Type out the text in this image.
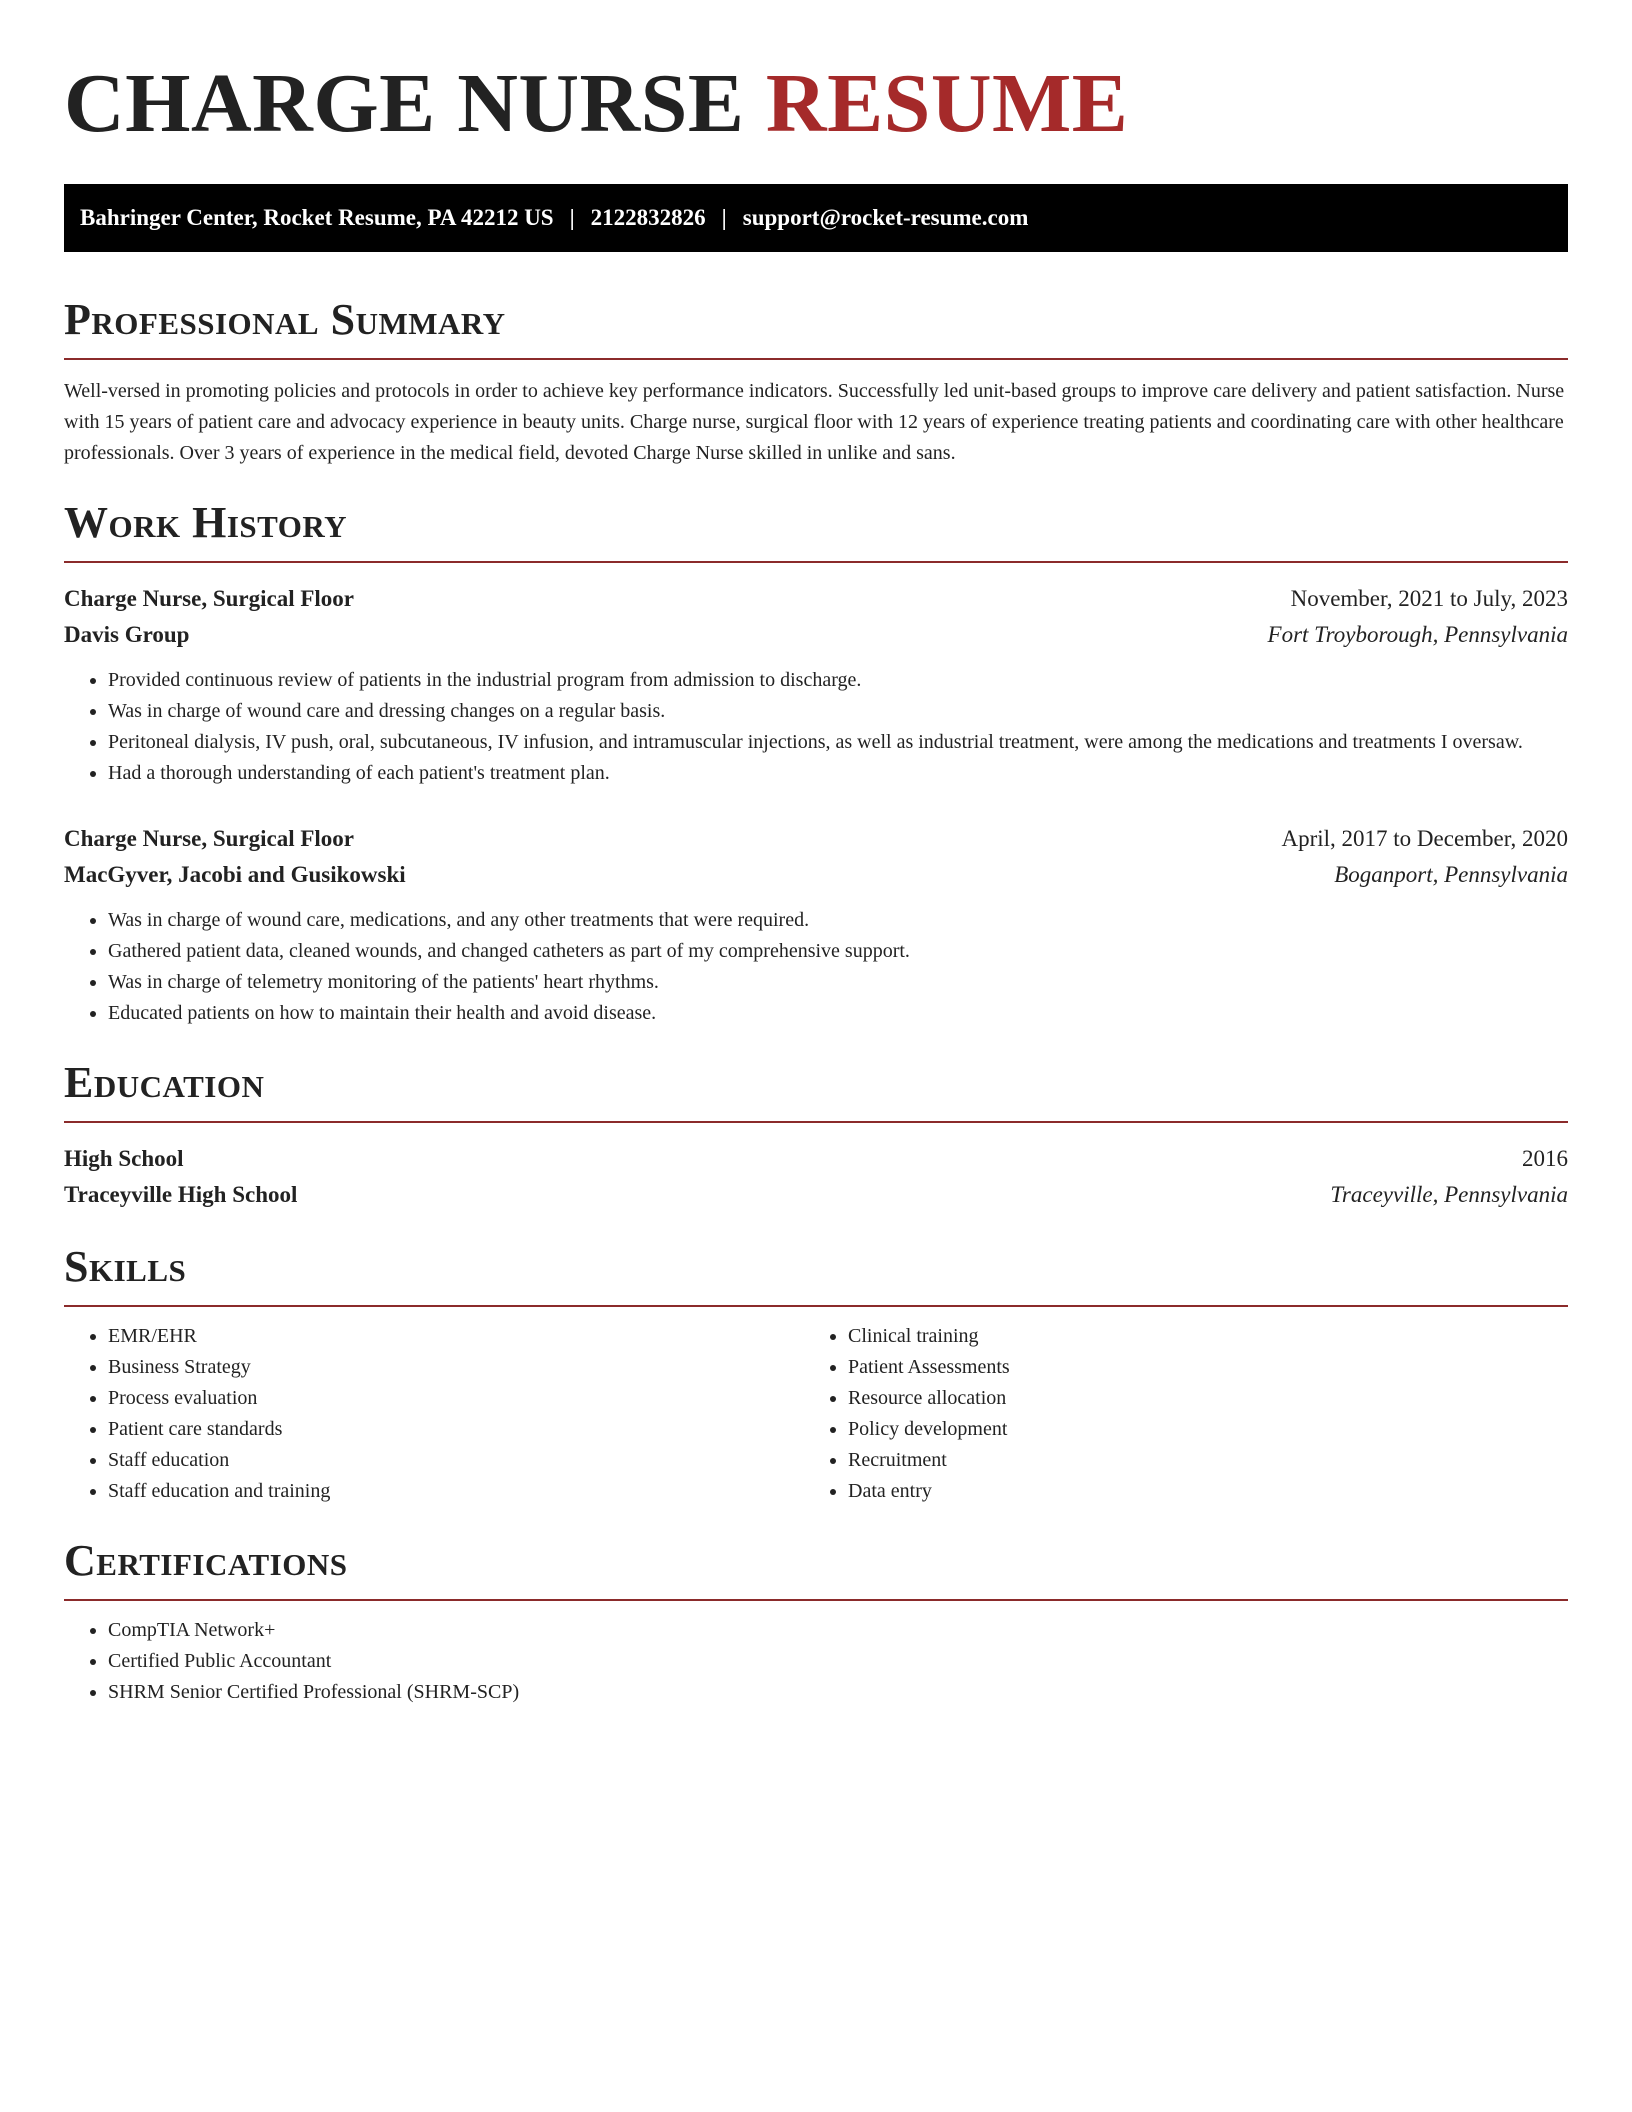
CHARGE NURSE RESUME
Bahringer Center, Rocket Resume, PA 42212 US | 2122832826 | support@rocket-resume.com
Professional Summary
Well-versed in promoting policies and protocols in order to achieve key performance indicators. Successfully led unit-based groups to improve care delivery and patient satisfaction. Nurse with 15 years of patient care and advocacy experience in beauty units. Charge nurse, surgical floor with 12 years of experience treating patients and coordinating care with other healthcare professionals. Over 3 years of experience in the medical field, devoted Charge Nurse skilled in unlike and sans.
Work History
Charge Nurse, Surgical Floor	November, 2021 to July, 2023
Davis Group	Fort Troyborough, Pennsylvania
• Provided continuous review of patients in the industrial program from admission to discharge.
• Was in charge of wound care and dressing changes on a regular basis.
• Peritoneal dialysis, IV push, oral, subcutaneous, IV infusion, and intramuscular injections, as well as industrial treatment, were among the medications and treatments I oversaw.
• Had a thorough understanding of each patient's treatment plan.
Charge Nurse, Surgical Floor	April, 2017 to December, 2020
MacGyver, Jacobi and Gusikowski	Boganport, Pennsylvania
• Was in charge of wound care, medications, and any other treatments that were required.
• Gathered patient data, cleaned wounds, and changed catheters as part of my comprehensive support.
• Was in charge of telemetry monitoring of the patients' heart rhythms.
• Educated patients on how to maintain their health and avoid disease.
Education
High School	2016
Traceyville High School	Traceyville, Pennsylvania
Skills
• EMR/EHR
• Business Strategy
• Process evaluation
• Patient care standards
• Staff education
• Staff education and training
• Clinical training
• Patient Assessments
• Resource allocation
• Policy development
• Recruitment
• Data entry
Certifications
• CompTIA Network+
• Certified Public Accountant
• SHRM Senior Certified Professional (SHRM-SCP)
